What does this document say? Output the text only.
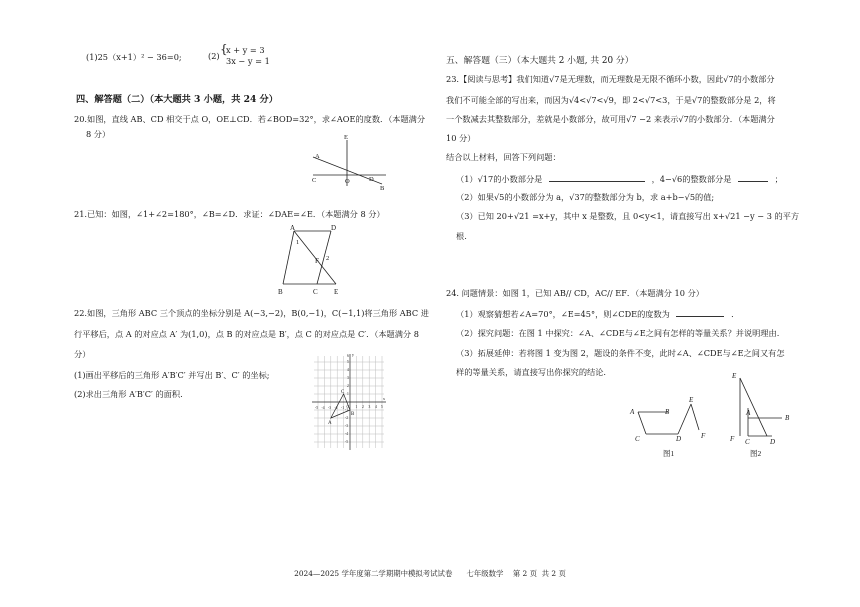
(1)25（x+1）² − 36=0;	(2) {
x + y = 3
3x − y = 1
四、解答题（二）（本大题共 3 小题，共 24 分）
20.如图，直线 AB、CD 相交于点 O，OE⊥CD．若∠BOD=32°，求∠AOE的度数．（本题满分
8 分）	E
A
C	O	D
B
21.已知：如图，∠1+∠2=180°，∠B=∠D．求证：∠DAE=∠E．（本题满分 8 分）
A	D
1
F 2
B	C E
22.如图，三角形 ABC 三个顶点的坐标分别是 A(−3,−2)，B(0,−1)，C(−1,1)将三角形 ABC 进
行平移后，点 A 的对应点 A′ 为(1,0)，点 B 的对应点是 B′，点 C 的对应点是 C′．（本题满分 8
分）
(1)画出平移后的三角形 A′B′C′ 并写出 B′、C′ 的坐标;
(2)求出三角形 A′B′C′ 的面积.
-5 -4 -3 -2 -1 O 1 2 3 4 5
6
5
4
3
2
1
-1
-2
-3
-4
-5
y
x
C
A
B
五、解答题（三）（本大题共 2 小题, 共 20 分）
23.【阅读与思考】我们知道√7是无理数，而无理数是无限不循环小数，因此√7的小数部分
我们不可能全部的写出来，而因为√4<√7<√9，即 2<√7<3，于是√7的整数部分是 2，将
一个数减去其整数部分，差就是小数部分，故可用√7 −2 来表示√7的小数部分．（本题满分
10 分）
结合以上材料，回答下列问题：
（1）√17的小数部分是	，4−√6的整数部分是	；
（2）如果√5的小数部分为 a，√37的整数部分为 b，求 a+b−√5的值;
（3）已知 20+√21 =x+y，其中 x 是整数，且 0<y<1，请直接写出 x+√21 −y − 3 的平方
根.
24. 问题情景：如图 1，已知 AB// CD，AC// EF．（本题满分 10 分）
（1）观察猜想若∠A=70°，∠E=45°，则∠CDE的度数为	．
（2）探究问题：在图 1 中探究：∠A、∠CDE与∠E之间有怎样的等量关系？并说明理由.
（3）拓展延伸：若将图 1 变为图 2，题设的条件不变，此时∠A、∠CDE与∠E之间又有怎
样的等量关系，请直接写出你探究的结论.
A	B
C	D
E
F
图1
E
A
B
F C	D
图2
2024—2025 学年度第二学期期中模拟考试试卷      七年级数学    第 2 页  共 2 页
